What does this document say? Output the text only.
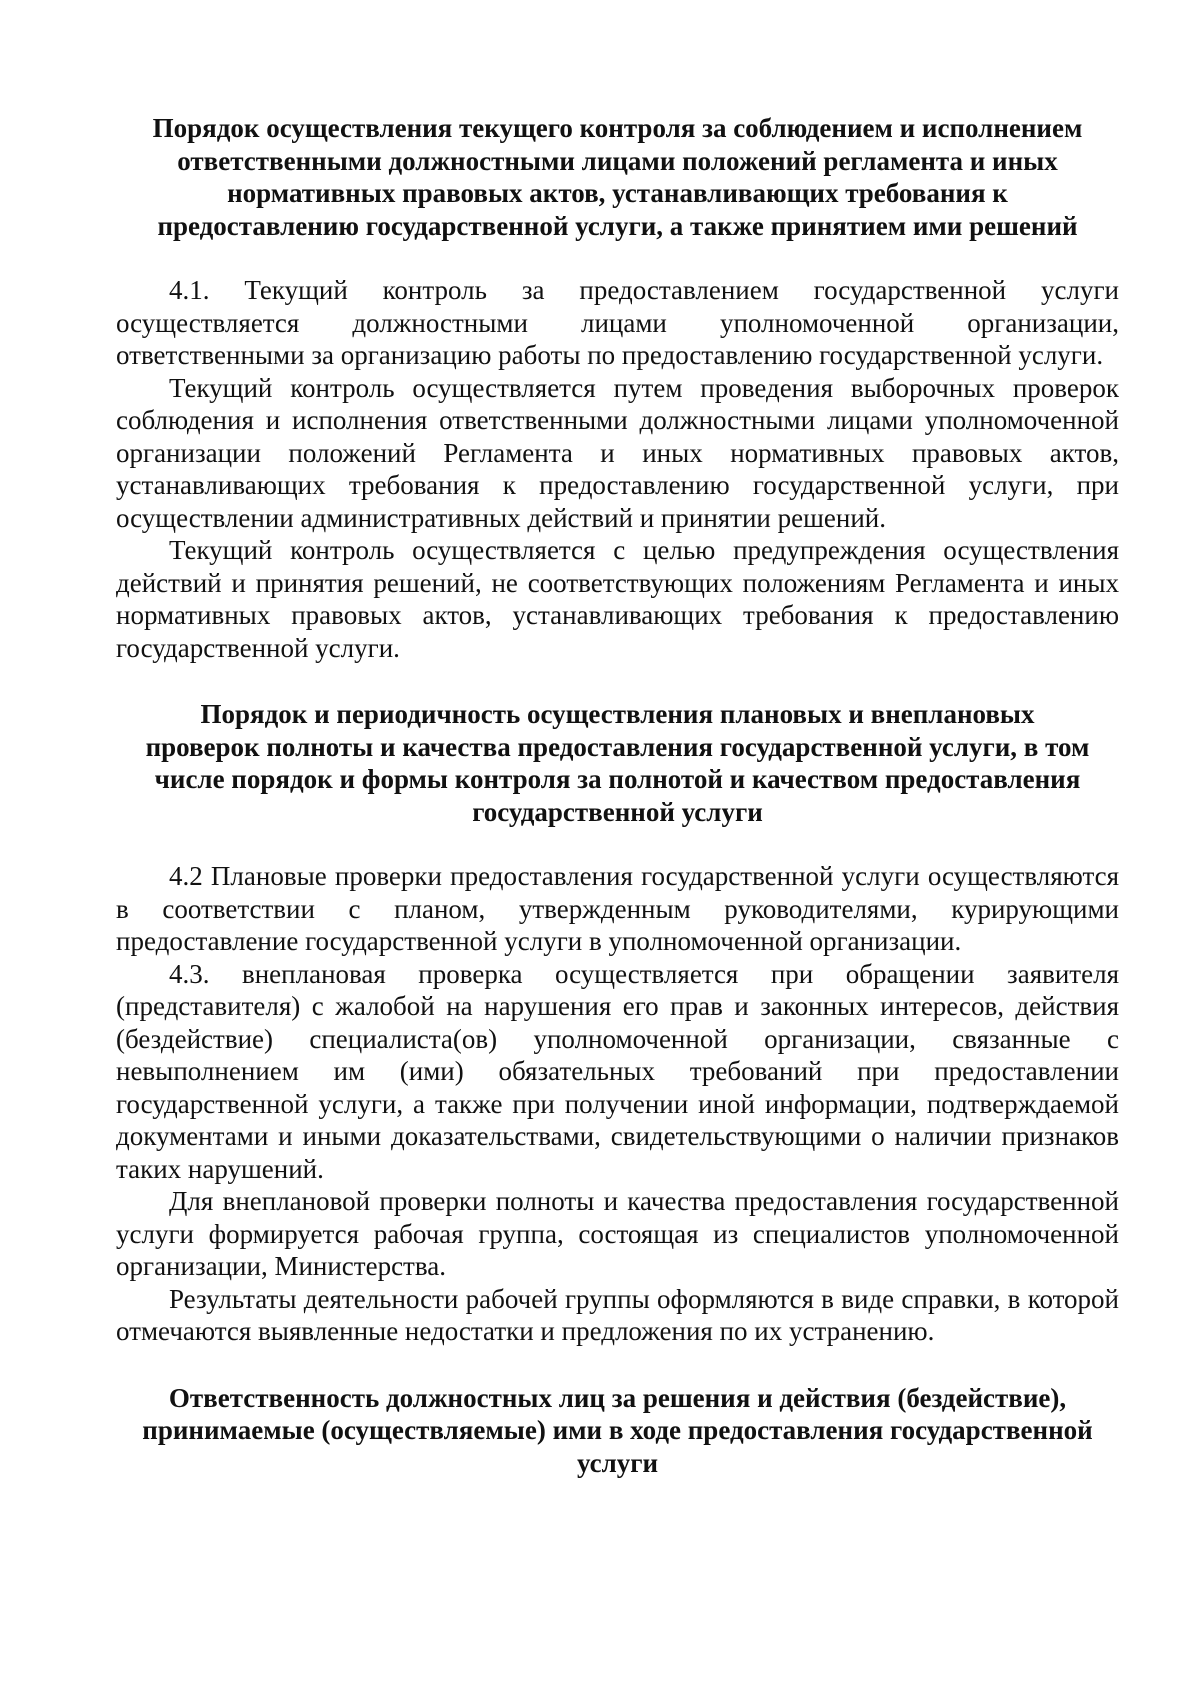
Порядок осуществления текущего контроля за соблюдением и исполнением
ответственными должностными лицами положений регламента и иных
нормативных правовых актов, устанавливающих требования к
предоставлению государственной услуги, а также принятием ими решений

4.1. Текущий контроль за предоставлением государственной услуги осуществляется должностными лицами уполномоченной организации, ответственными за организацию работы по предоставлению государственной услуги.

Текущий контроль осуществляется путем проведения выборочных проверок соблюдения и исполнения ответственными должностными лицами уполномоченной организации положений Регламента и иных нормативных правовых актов, устанавливающих требования к предоставлению государственной услуги, при осуществлении административных действий и принятии решений.

Текущий контроль осуществляется с целью предупреждения осуществления действий и принятия решений, не соответствующих положениям Регламента и иных нормативных правовых актов, устанавливающих требования к предоставлению государственной услуги.

Порядок и периодичность осуществления плановых и внеплановых
проверок полноты и качества предоставления государственной услуги, в том
числе порядок и формы контроля за полнотой и качеством предоставления
государственной услуги

4.2 Плановые проверки предоставления государственной услуги осуществляются в соответствии с планом, утвержденным руководителями, курирующими предоставление государственной услуги в уполномоченной организации.

4.3. внеплановая проверка осуществляется при обращении заявителя (представителя) с жалобой на нарушения его прав и законных интересов, действия (бездействие) специалиста(ов) уполномоченной организации, связанные с невыполнением им (ими) обязательных требований при предоставлении государственной услуги, а также при получении иной информации, подтверждаемой документами и иными доказательствами, свидетельствующими о наличии признаков таких нарушений.

Для внеплановой проверки полноты и качества предоставления государственной услуги формируется рабочая группа, состоящая из специалистов уполномоченной организации, Министерства.

Результаты деятельности рабочей группы оформляются в виде справки, в которой отмечаются выявленные недостатки и предложения по их устранению.

Ответственность должностных лиц за решения и действия (бездействие),
принимаемые (осуществляемые) ими в ходе предоставления государственной
услуги
